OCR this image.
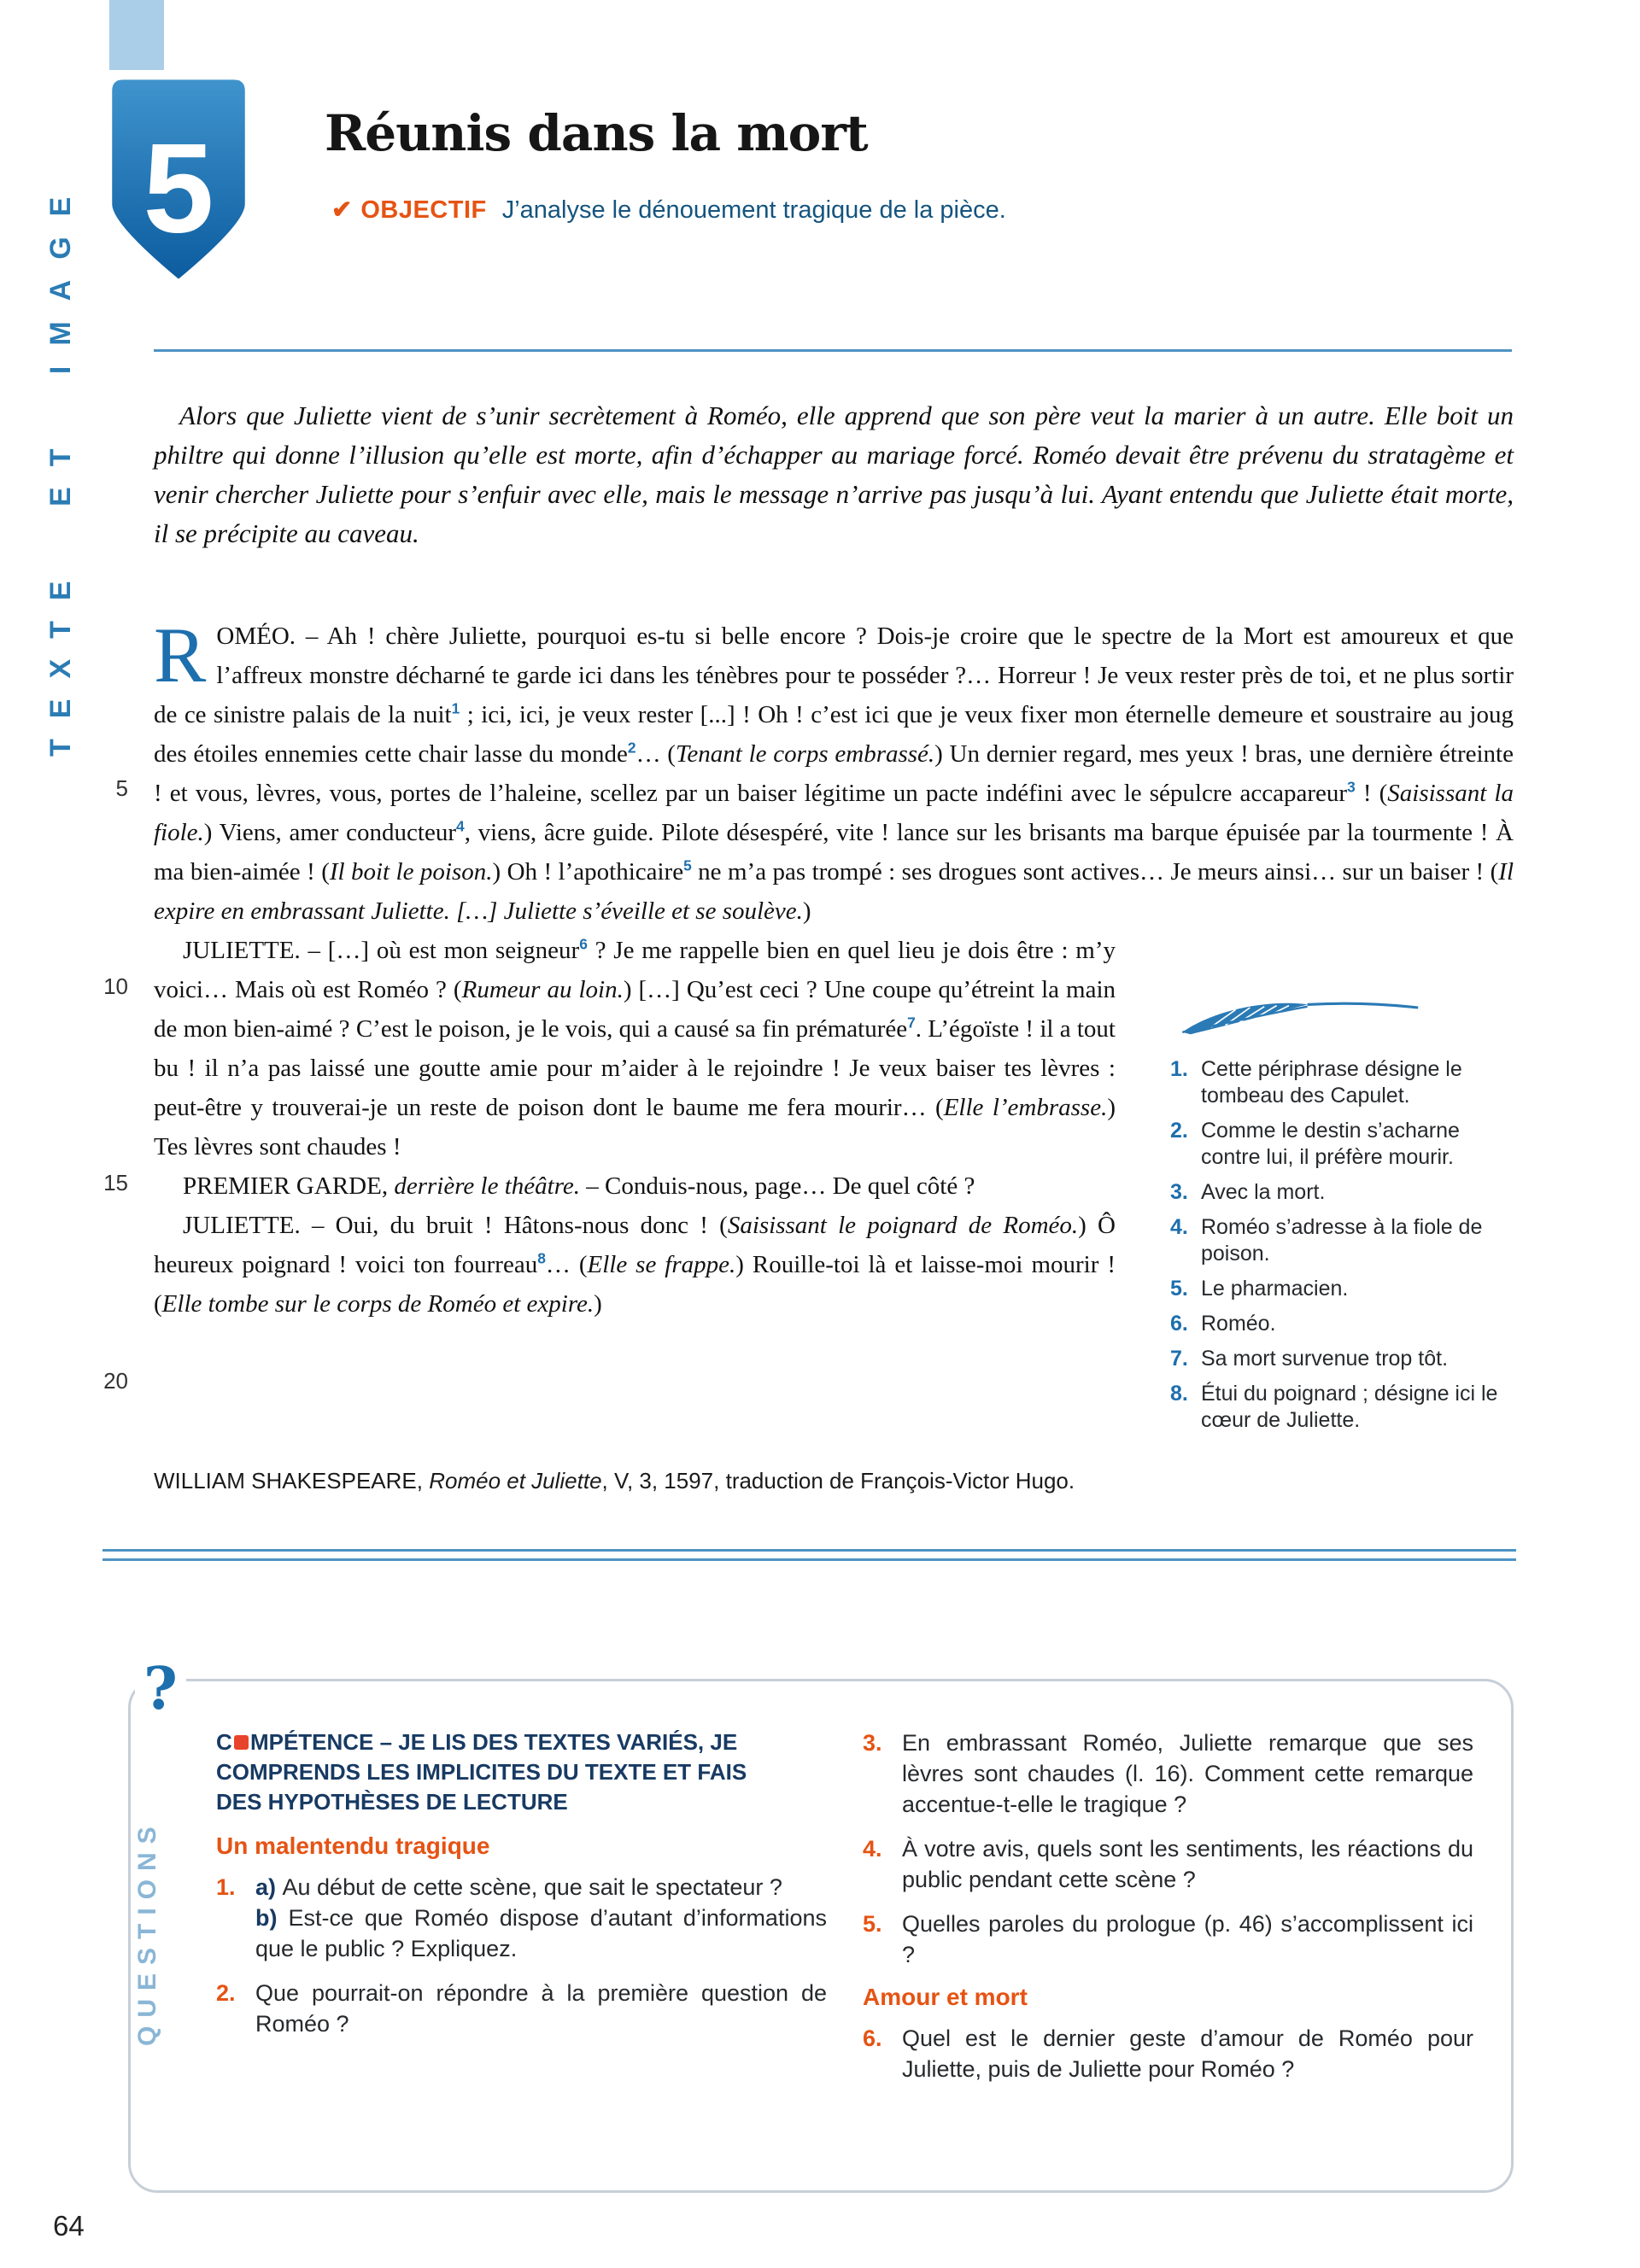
TEXTE ET IMAGE 5 Réunis dans la mort
✔ OBJECTIF J’analyse le dénouement tragique de la pièce.

Alors que Juliette vient de s’unir secrètement à Roméo, elle apprend que son père veut la marier à un autre. Elle boit un philtre qui donne l’illusion qu’elle est morte, afin d’échapper au mariage forcé. Roméo devait être prévenu du stratagème et venir chercher Juliette pour s’enfuir avec elle, mais le message n’arrive pas jusqu’à lui. Ayant entendu que Juliette était morte, il se précipite au caveau.

5
10
15
20

ROMÉO. – Ah ! chère Juliette, pourquoi es-tu si belle encore ? Dois-je croire que le spectre de la Mort est amoureux et que l’affreux monstre décharné te garde ici dans les ténèbres pour te posséder ?… Horreur ! Je veux rester près de toi, et ne plus sortir de ce sinistre palais de la nuit$^1$ ; ici, ici, je veux rester [...] ! Oh ! c’est ici que je veux fixer mon éternelle demeure et soustraire au joug des étoiles ennemies cette chair lasse du monde$^2$… (Tenant le corps embrassé.) Un dernier regard, mes yeux ! bras, une dernière étreinte ! et vous, lèvres, vous, portes de l’haleine, scellez par un baiser légitime un pacte indéfini avec le sépulcre accapareur$^3$ ! (Saisissant la fiole.) Viens, amer conducteur$^4$, viens, âcre guide. Pilote désespéré, vite ! lance sur les brisants ma barque épuisée par la tourmente ! À ma bien-aimée ! (Il boit le poison.) Oh ! l’apothicaire$^5$ ne m’a pas trompé : ses drogues sont actives… Je meurs ainsi… sur un baiser ! (Il expire en embrassant Juliette. […] Juliette s’éveille et se soulève.)

JULIETTE. – […] où est mon seigneur$^6$ ? Je me rappelle bien en quel lieu je dois être : m’y voici… Mais où est Roméo ? (Rumeur au loin.) […] Qu’est ceci ? Une coupe qu’étreint la main de mon bien-aimé ? C’est le poison, je le vois, qui a causé sa fin prématurée$^7$. L’égoïste ! il a tout bu ! il n’a pas laissé une goutte amie pour m’aider à le rejoindre ! Je veux baiser tes lèvres : peut-être y trouverai-je un reste de poison dont le baume me fera mourir… (Elle l’embrasse.) Tes lèvres sont chaudes !

PREMIER GARDE, derrière le théâtre. – Conduis-nous, page… De quel côté ?

JULIETTE. – Oui, du bruit ! Hâtons-nous donc ! (Saisissant le poignard de Roméo.) Ô heureux poignard ! voici ton fourreau$^8$… (Elle se frappe.) Rouille-toi là et laisse-moi mourir ! (Elle tombe sur le corps de Roméo et expire.)

1. Cette périphrase désigne le tombeau des Capulet.
2. Comme le destin s’acharne contre lui, il préfère mourir.
3. Avec la mort.
4. Roméo s’adresse à la fiole de poison.
5. Le pharmacien.
6. Roméo.
7. Sa mort survenue trop tôt.
8. Étui du poignard ; désigne ici le cœur de Juliette.

WILLIAM SHAKESPEARE, Roméo et Juliette, V, 3, 1597, traduction de François-Victor Hugo.

C MPÉTENCE – JE LIS DES TEXTES VARIÉS, JE COMPRENDS LES IMPLICITES DU TEXTE ET FAIS DES HYPOTHÈSES DE LECTURE
Un malentendu tragique
1. a) Au début de cette scène, que sait le spectateur ?
b) Est-ce que Roméo dispose d’autant d’informations que le public ? Expliquez.
2. Que pourrait-on répondre à la première question de Roméo ?
3. En embrassant Roméo, Juliette remarque que ses lèvres sont chaudes (l. 16). Comment cette remarque accentue-t-elle le tragique ?
4. À votre avis, quels sont les sentiments, les réactions du public pendant cette scène ?
5. Quelles paroles du prologue (p. 46) s’accomplissent ici ?
Amour et mort
6. Quel est le dernier geste d’amour de Roméo pour Juliette, puis de Juliette pour Roméo ?
?
QUESTIONS
64
